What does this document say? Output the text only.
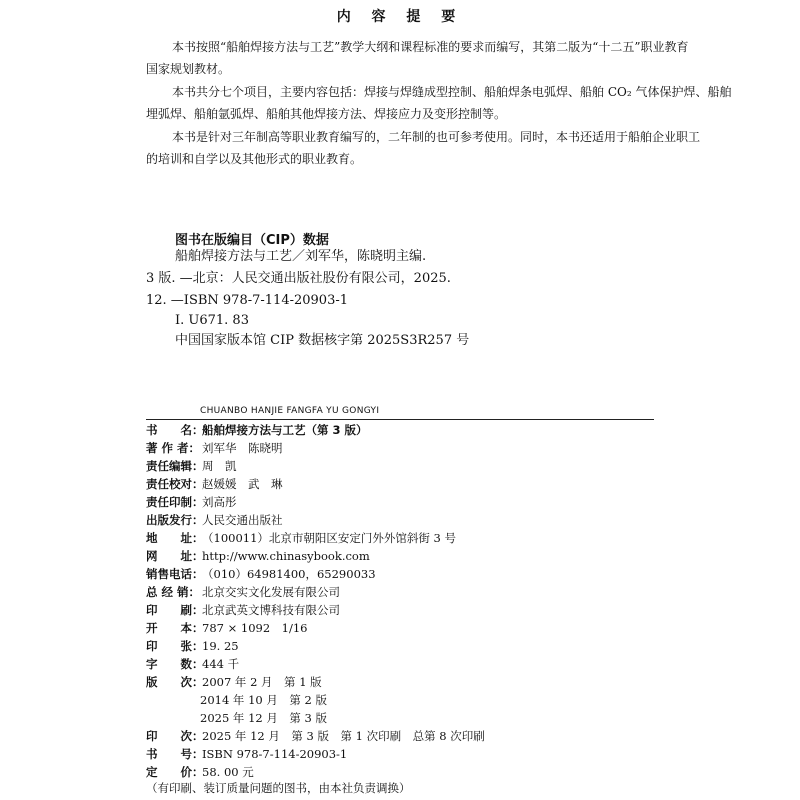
内 容 提 要
本书按照“船舶焊接方法与工艺”教学大纲和课程标准的要求而编写，其第二版为“十二五”职业教育
国家规划教材。
本书共分七个项目，主要内容包括：焊接与焊缝成型控制、船舶焊条电弧焊、船舶 CO₂ 气体保护焊、船舶
埋弧焊、船舶氩弧焊、船舶其他焊接方法、焊接应力及变形控制等。
本书是针对三年制高等职业教育编写的，二年制的也可参考使用。同时，本书还适用于船舶企业职工
的培训和自学以及其他形式的职业教育。
图书在版编目（CIP）数据
船舶焊接方法与工艺／刘军华，陈晓明主编.
3 版. —北京：人民交通出版社股份有限公司，2025.
12. —ISBN 978-7-114-20903-1
Ⅰ. U671. 83
中国国家版本馆 CIP 数据核字第 2025S3R257 号
CHUANBO HANJIE FANGFA YU GONGYI
书　　名：船舶焊接方法与工艺（第 3 版）
著 作 者： 刘军华　陈晓明
责任编辑：周　凯
责任校对：赵媛媛　武　琳
责任印制：刘高彤
出版发行：人民交通出版社
地　　址：（100011）北京市朝阳区安定门外外馆斜街 3 号
网　　址：http://www.chinasybook.com
销售电话：（010）64981400，65290033
总 经 销： 北京交实文化发展有限公司
印　　刷：北京武英文博科技有限公司
开　　本：787 × 1092　1/16
印　　张：19. 25
字　　数：444 千
版　　次：2007 年 2 月　第 1 版
2014 年 10 月　第 2 版
2025 年 12 月　第 3 版
印　　次：2025 年 12 月　第 3 版　第 1 次印刷　总第 8 次印刷
书　　号：ISBN 978-7-114-20903-1
定　　价：58. 00 元
（有印刷、装订质量问题的图书，由本社负责调换）
